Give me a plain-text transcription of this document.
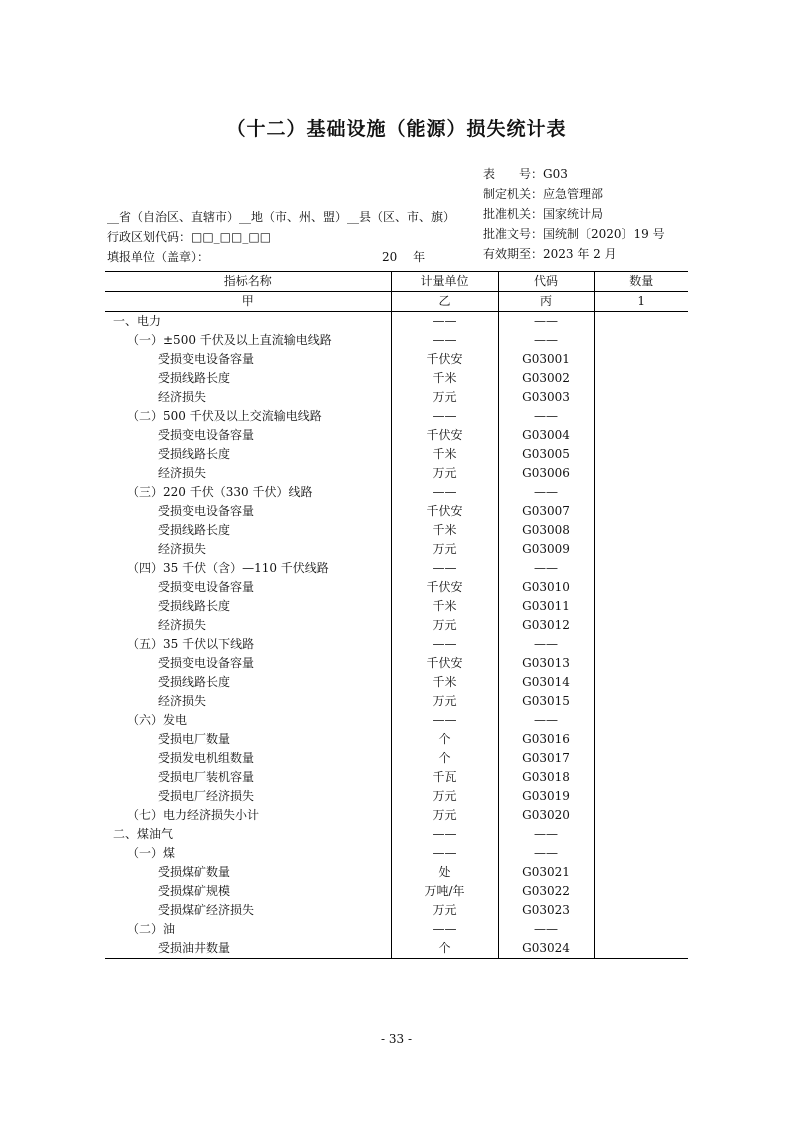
（十二）基础设施（能源）损失统计表
表　　号：G03
制定机关：应急管理部
批准机关：国家统计局
批准文号：国统制〔2020〕19 号
有效期至：2023 年 2 月
__省（自治区、直辖市）__地（市、州、盟）__县（区、市、旗）
行政区划代码：□□_□□_□□
填报单位（盖章）：	20　 年
指标名称	计量单位	代码	数量
甲	乙	丙	1
一、电力	——	——	
（一）±500 千伏及以上直流输电线路	——	——	
受损变电设备容量	千伏安	G03001	
受损线路长度	千米	G03002	
经济损失	万元	G03003	
（二）500 千伏及以上交流输电线路	——	——	
受损变电设备容量	千伏安	G03004	
受损线路长度	千米	G03005	
经济损失	万元	G03006	
（三）220 千伏（330 千伏）线路	——	——	
受损变电设备容量	千伏安	G03007	
受损线路长度	千米	G03008	
经济损失	万元	G03009	
（四）35 千伏（含）—110 千伏线路	——	——	
受损变电设备容量	千伏安	G03010	
受损线路长度	千米	G03011	
经济损失	万元	G03012	
（五）35 千伏以下线路	——	——	
受损变电设备容量	千伏安	G03013	
受损线路长度	千米	G03014	
经济损失	万元	G03015	
（六）发电	——	——	
受损电厂数量	个	G03016	
受损发电机组数量	个	G03017	
受损电厂装机容量	千瓦	G03018	
受损电厂经济损失	万元	G03019	
（七）电力经济损失小计	万元	G03020	
二、煤油气	——	——	
（一）煤	——	——	
受损煤矿数量	处	G03021	
受损煤矿规模	万吨/年	G03022	
受损煤矿经济损失	万元	G03023	
（二）油	——	——	
受损油井数量	个	G03024	
- 33 -
